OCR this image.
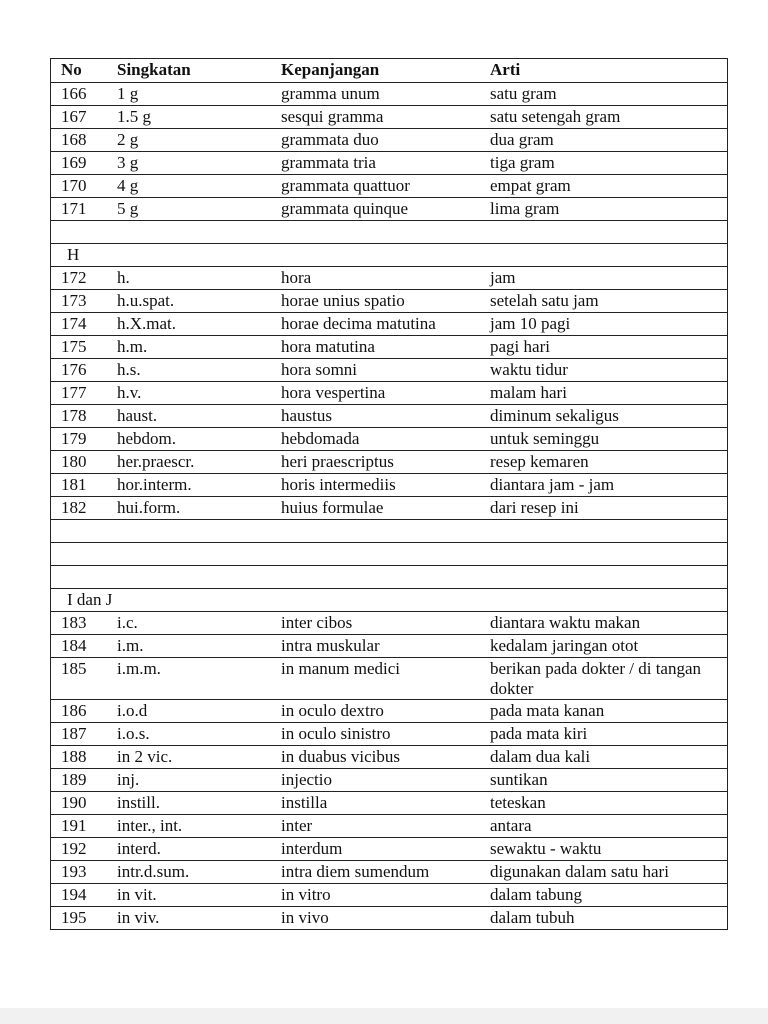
No	Singkatan	Kepanjangan	Arti
166	1 g	gramma unum	satu gram
167	1.5 g	sesqui gramma	satu setengah gram
168	2 g	grammata duo	dua gram
169	3 g	grammata tria	tiga gram
170	4 g	grammata quattuor	empat gram
171	5 g	grammata quinque	lima gram

H			
172	h.	hora	jam
173	h.u.spat.	horae unius spatio	setelah satu jam
174	h.X.mat.	horae decima matutina	jam 10 pagi
175	h.m.	hora matutina	pagi hari
176	h.s.	hora somni	waktu tidur
177	h.v.	hora vespertina	malam hari
178	haust.	haustus	diminum sekaligus
179	hebdom.	hebdomada	untuk seminggu
180	her.praescr.	heri praescriptus	resep kemaren
181	hor.interm.	horis intermediis	diantara jam - jam
182	hui.form.	huius formulae	dari resep ini

I dan J			
183	i.c.	inter cibos	diantara waktu makan
184	i.m.	intra muskular	kedalam jaringan otot
185	i.m.m.	in manum medici	berikan pada dokter / di tangan dokter
186	i.o.d	in oculo dextro	pada mata kanan
187	i.o.s.	in oculo sinistro	pada mata kiri
188	in 2 vic.	in duabus vicibus	dalam dua kali
189	inj.	injectio	suntikan
190	instill.	instilla	teteskan
191	inter., int.	inter	antara
192	interd.	interdum	sewaktu - waktu
193	intr.d.sum.	intra diem sumendum	digunakan dalam satu hari
194	in vit.	in vitro	dalam tabung
195	in viv.	in vivo	dalam tubuh
